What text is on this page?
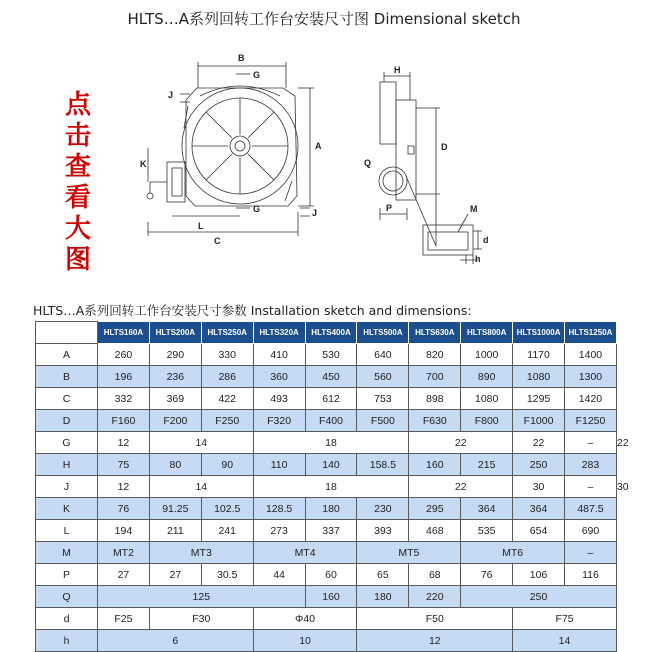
HLTS…A系列回转工作台安装尺寸图 Dimensional sketch
点击查看大图
B
G
J
A
K
L
C
G	J
H
D
Q
P	M
d
h
HLTS…A系列回转工作台安装尺寸参数 Installation sketch and dimensions:
	HLTS160A	HLTS200A	HLTS250A	HLTS320A	HLTS400A	HLTS500A	HLTS630A	HLTS800A	HLTS1000A	HLTS1250A	
A	260	290	330	410	530	640	820	1000	1170	1400	
B	196	236	286	360	450	560	700	890	1080	1300	
C	332	369	422	493	612	753	898	1080	1295	1420	
D	F160	F200	F250	F320	F400	F500	F630	F800	F1000	F1250	
G	12	14		18			22		22	–	22
H	75	80	90	110	140	158.5	160	215	250	283	
J	12	14		18			22		30	–	30
K	76	91.25	102.5	128.5	180	230	295	364	364	487.5	
L	194	211	241	273	337	393	468	535	654	690	
M	MT2	MT3		MT4		MT5		MT6		–	
P	27	27	30.5	44	60	65	68	76	106	116	
Q	125				160	180	220	250			
d	F25	F30		Φ40		F50			F75		
h	6			10		12			14		
